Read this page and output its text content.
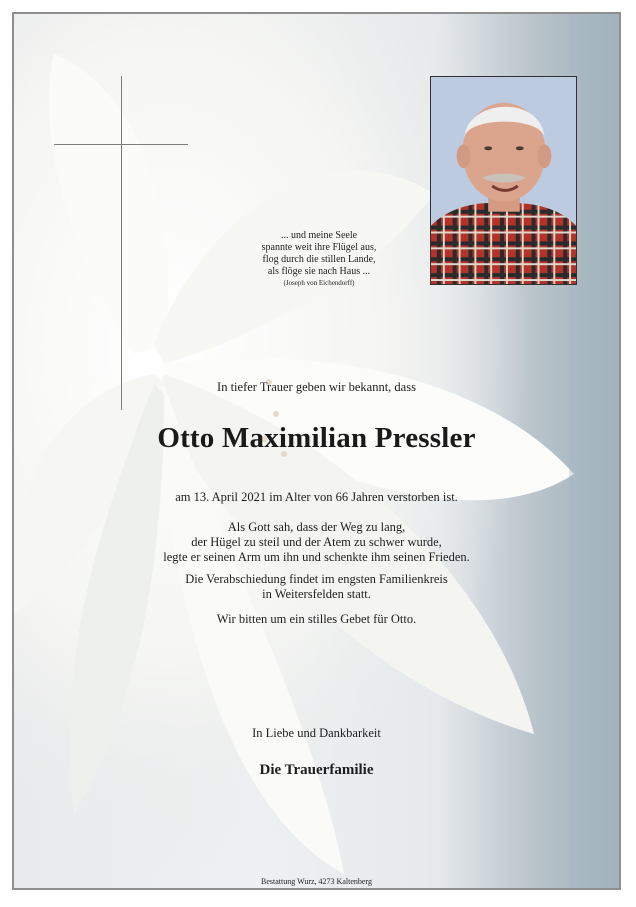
... und meine Seele
spannte weit ihre Flügel aus,
flog durch die stillen Lande,
als flöge sie nach Haus ...
(Joseph von Eichendorff)
In tiefer Trauer geben wir bekannt, dass
Otto Maximilian Pressler
am 13. April 2021 im Alter von 66 Jahren verstorben ist.
Als Gott sah, dass der Weg zu lang,
der Hügel zu steil und der Atem zu schwer wurde,
legte er seinen Arm um ihn und schenkte ihm seinen Frieden.
Die Verabschiedung findet im engsten Familienkreis
in Weitersfelden statt.
Wir bitten um ein stilles Gebet für Otto.
In Liebe und Dankbarkeit
Die Trauerfamilie
Bestattung Wurz, 4273 Kaltenberg
